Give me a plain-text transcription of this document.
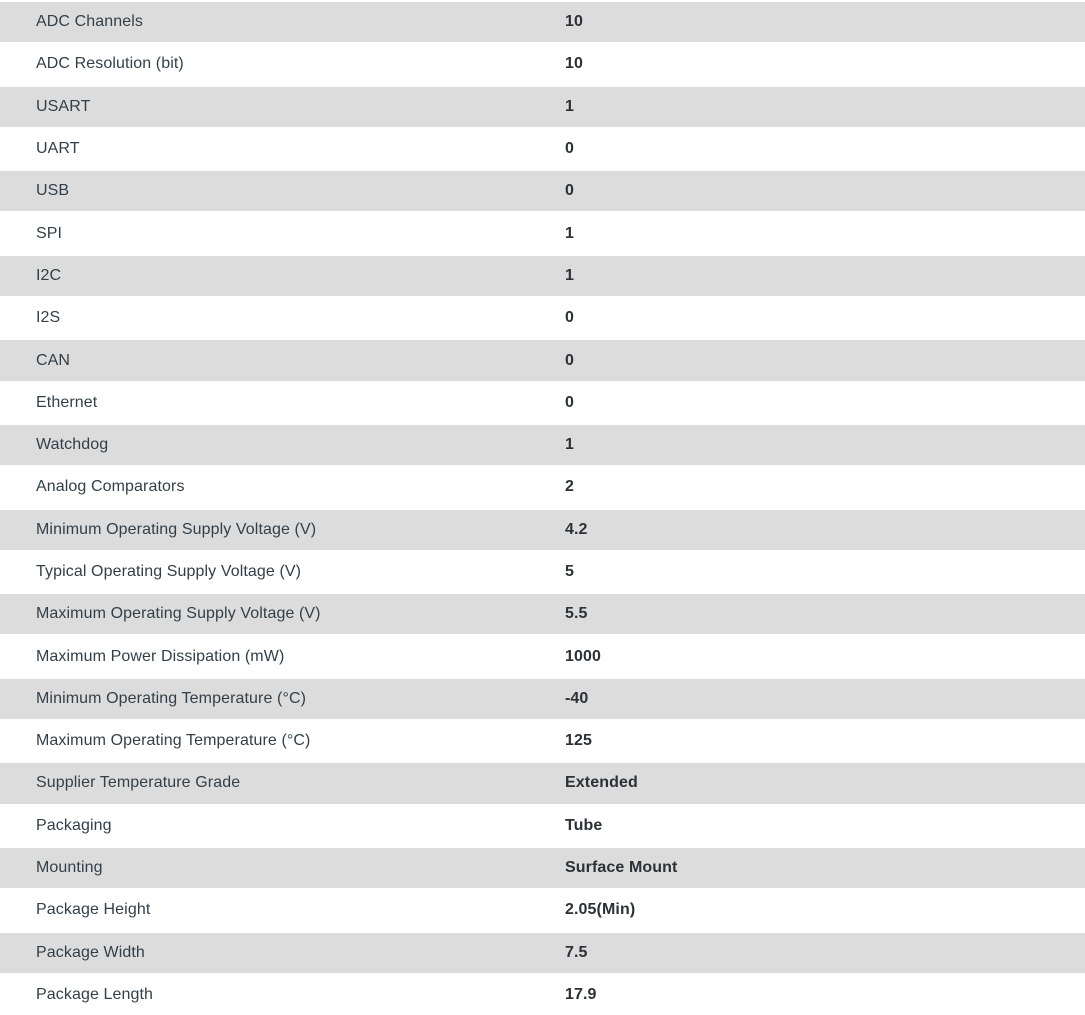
ADC Channels	10
ADC Resolution (bit)	10
USART	1
UART	0
USB	0
SPI	1
I2C	1
I2S	0
CAN	0
Ethernet	0
Watchdog	1
Analog Comparators	2
Minimum Operating Supply Voltage (V)	4.2
Typical Operating Supply Voltage (V)	5
Maximum Operating Supply Voltage (V)	5.5
Maximum Power Dissipation (mW)	1000
Minimum Operating Temperature (°C)	-40
Maximum Operating Temperature (°C)	125
Supplier Temperature Grade	Extended
Packaging	Tube
Mounting	Surface Mount
Package Height	2.05(Min)
Package Width	7.5
Package Length	17.9
